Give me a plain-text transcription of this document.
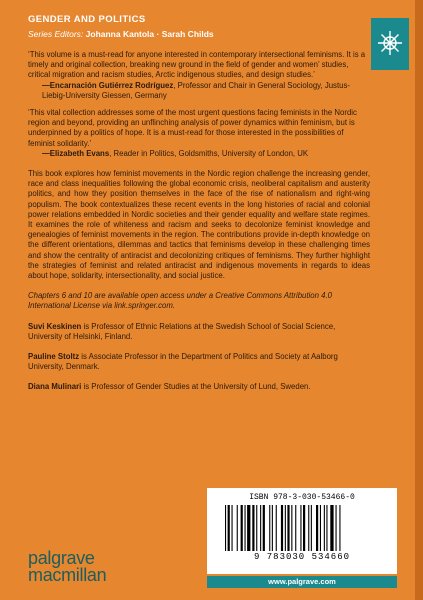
GENDER AND POLITICS
Series Editors: Johanna Kantola · Sarah Childs

‘This volume is a must-read for anyone interested in contemporary intersectional feminisms. It is a timely and original collection, breaking new ground in the field of gender and women’ studies, critical migration and racism studies, Arctic indigenous studies, and design studies.’

—Encarnación Gutiérrez Rodríguez, Professor and Chair in General Sociology, Justus-Liebig-University Giessen, Germany

‘This vital collection addresses some of the most urgent questions facing feminists in the Nordic region and beyond, providing an unflinching analysis of power dynamics within feminism, but is underpinned by a politics of hope. It is a must-read for those interested in the possibilities of feminist solidarity.’

—Elizabeth Evans, Reader in Politics, Goldsmiths, University of London, UK

This book explores how feminist movements in the Nordic region challenge the increasing gender, race and class inequalities following the global economic crisis, neoliberal capitalism and austerity politics, and how they position themselves in the face of the rise of nationalism and right-wing populism. The book contextualizes these recent events in the long histories of racial and colonial power relations embedded in Nordic societies and their gender equality and welfare state regimes. It examines the role of whiteness and racism and seeks to decolonize feminist knowledge and genealogies of feminist movements in the region. The contributions provide in-depth knowledge on the different orientations, dilemmas and tactics that feminisms develop in these challenging times and show the centrality of antiracist and decolonizing critiques of feminisms. They further highlight the strategies of feminist and related antiracist and indigenous movements in regards to ideas about hope, solidarity, intersectionality, and social justice.

Chapters 6 and 10 are available open access under a Creative Commons Attribution 4.0 International License via link.springer.com.

Suvi Keskinen is Professor of Ethnic Relations at the Swedish School of Social Science, University of Helsinki, Finland.

Pauline Stoltz is Associate Professor in the Department of Politics and Society at Aalborg University, Denmark.

Diana Mulinari is Professor of Gender Studies at the University of Lund, Sweden.

palgrave
macmillan
ISBN 978-3-030-53466-0
9 783030 534660
www.palgrave.com
